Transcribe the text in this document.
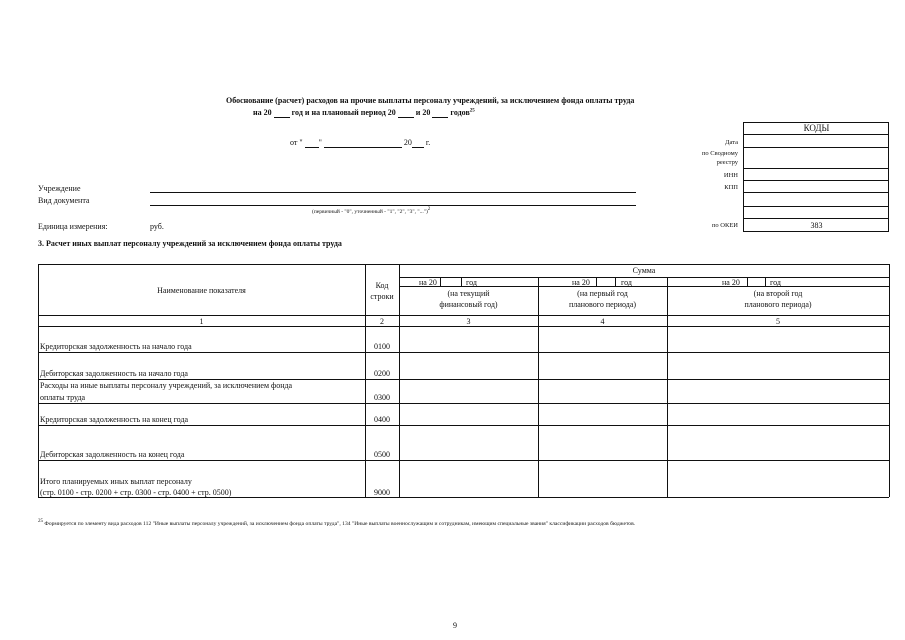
Обоснование (расчет) расходов на прочие выплаты персоналу учреждений, за исключением фонда оплаты труда
на 20	год и на плановый период 20	и 20	годов$^{25}$
от " "	20 г.
КОДЫ
Дата
по Сводному
реестру
ИНН
КПП
по ОКЕИ	383
Учреждение
Вид документа
(первичный - "0", уточненный - "1", "2", "3", "...")2
Единица измерения:	руб.
3. Расчет иных выплат персоналу учреждений за исключением фонда оплаты труда
Наименование показателя
Код
строки
Сумма
на 20	год
(на текущий
финансовый год)
на 20	год
(на первый год
планового периода)
на 20	год
(на второй год
планового периода)
1	2	3	4	5
Кредиторская задолженность на начало года	0100
Дебиторская задолженность на начало года	0200
Расходы на иные выплаты персоналу учреждений, за исключением фонда
оплаты труда	0300
Кредиторская задолженность на конец года	0400
Дебиторская задолженность на конец года	0500
Итого планируемых иных выплат персоналу
(стр. 0100 - стр. 0200 + стр. 0300 - стр. 0400 + стр. 0500)	9000
25 Формируется по элементу вида расходов 112 "Иные выплаты персоналу учреждений, за исключением фонда оплаты труда", 134 "Иные выплаты военнослужащим и сотрудникам, имеющим специальные звания" классификации расходов бюджетов.
9
